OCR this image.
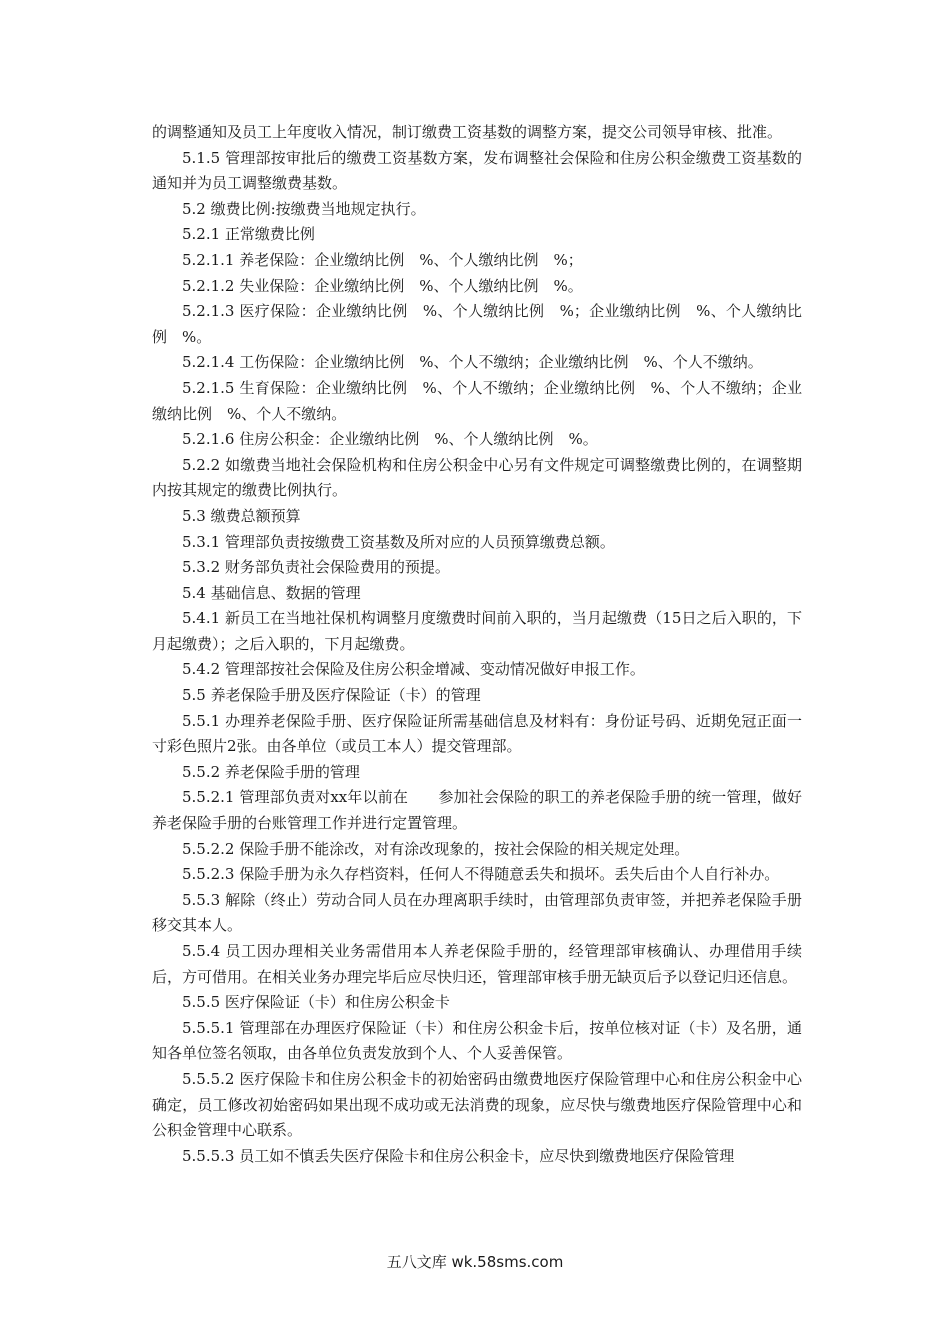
的调整通知及员工上年度收入情况，制订缴费工资基数的调整方案，提交公司领导审核、批准。

5.1.5 管理部按审批后的缴费工资基数方案，发布调整社会保险和住房公积金缴费工资基数的通知并为员工调整缴费基数。

5.2 缴费比例:按缴费当地规定执行。

5.2.1 正常缴费比例

5.2.1.1 养老保险：企业缴纳比例　%、个人缴纳比例　%；

5.2.1.2 失业保险：企业缴纳比例　%、个人缴纳比例　%。

5.2.1.3 医疗保险：企业缴纳比例　%、个人缴纳比例　%；企业缴纳比例　%、个人缴纳比例　%。

5.2.1.4 工伤保险：企业缴纳比例　%、个人不缴纳；企业缴纳比例　%、个人不缴纳。

5.2.1.5 生育保险：企业缴纳比例　%、个人不缴纳；企业缴纳比例　%、个人不缴纳；企业缴纳比例　%、个人不缴纳。

5.2.1.6 住房公积金：企业缴纳比例　%、个人缴纳比例　%。

5.2.2 如缴费当地社会保险机构和住房公积金中心另有文件规定可调整缴费比例的，在调整期内按其规定的缴费比例执行。

5.3 缴费总额预算

5.3.1 管理部负责按缴费工资基数及所对应的人员预算缴费总额。

5.3.2 财务部负责社会保险费用的预提。

5.4 基础信息、数据的管理

5.4.1 新员工在当地社保机构调整月度缴费时间前入职的，当月起缴费（15日之后入职的，下月起缴费）；之后入职的，下月起缴费。

5.4.2 管理部按社会保险及住房公积金增减、变动情况做好申报工作。

5.5 养老保险手册及医疗保险证（卡）的管理

5.5.1 办理养老保险手册、医疗保险证所需基础信息及材料有：身份证号码、近期免冠正面一寸彩色照片2张。由各单位（或员工本人）提交管理部。

5.5.2 养老保险手册的管理

5.5.2.1 管理部负责对xx年以前在　　参加社会保险的职工的养老保险手册的统一管理，做好养老保险手册的台账管理工作并进行定置管理。

5.5.2.2 保险手册不能涂改，对有涂改现象的，按社会保险的相关规定处理。

5.5.2.3 保险手册为永久存档资料，任何人不得随意丢失和损坏。丢失后由个人自行补办。

5.5.3 解除（终止）劳动合同人员在办理离职手续时，由管理部负责审签，并把养老保险手册移交其本人。

5.5.4 员工因办理相关业务需借用本人养老保险手册的，经管理部审核确认、办理借用手续后，方可借用。在相关业务办理完毕后应尽快归还，管理部审核手册无缺页后予以登记归还信息。

5.5.5 医疗保险证（卡）和住房公积金卡

5.5.5.1 管理部在办理医疗保险证（卡）和住房公积金卡后，按单位核对证（卡）及名册，通知各单位签名领取，由各单位负责发放到个人、个人妥善保管。

5.5.5.2 医疗保险卡和住房公积金卡的初始密码由缴费地医疗保险管理中心和住房公积金中心确定，员工修改初始密码如果出现不成功或无法消费的现象，应尽快与缴费地医疗保险管理中心和公积金管理中心联系。

5.5.5.3 员工如不慎丢失医疗保险卡和住房公积金卡，应尽快到缴费地医疗保险管理

五八文库 wk.58sms.com
